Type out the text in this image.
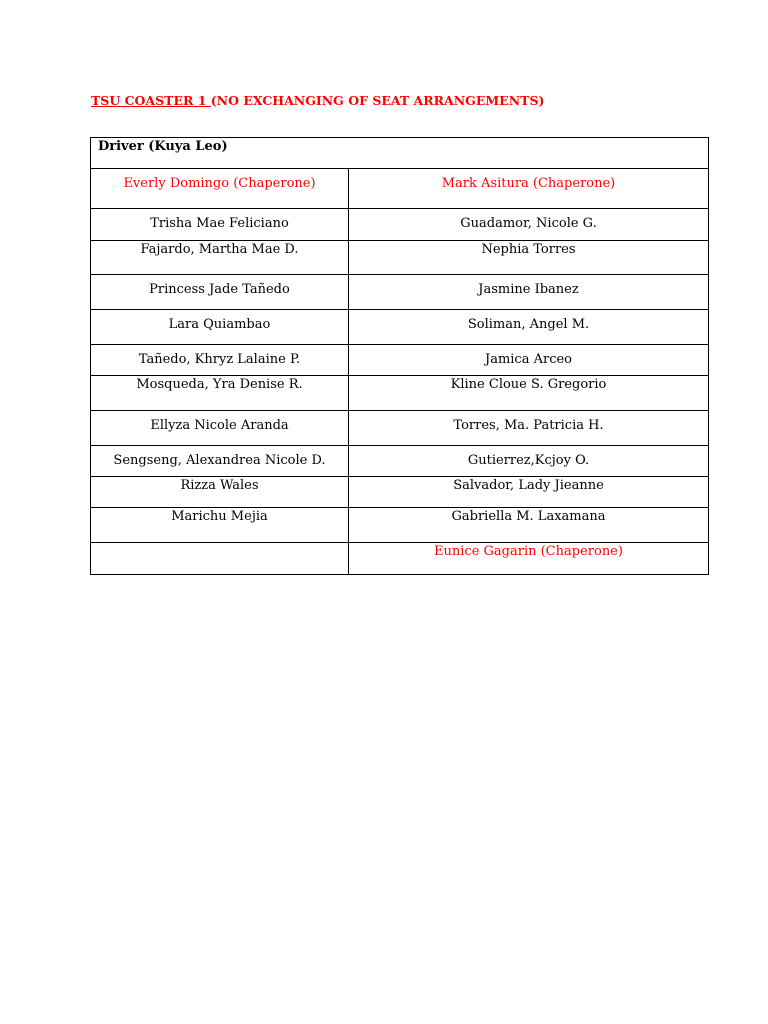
TSU COASTER 1 (NO EXCHANGING OF SEAT ARRANGEMENTS)
Driver (Kuya Leo)	

Everly Domingo (Chaperone)	Mark Asitura (Chaperone)

Trisha Mae Feliciano	Guadamor, Nicole G.

Fajardo, Martha Mae D.	Nephia Torres

Princess Jade Tañedo	Jasmine Ibanez

Lara Quiambao	Soliman, Angel M.

Tañedo, Khryz Lalaine P.	Jamica Arceo

Mosqueda, Yra Denise R.	Kline Cloue S. Gregorio

Ellyza Nicole Aranda	Torres, Ma. Patricia H.

Sengseng, Alexandrea Nicole D.	Gutierrez,Kcjoy O.

Rizza Wales	Salvador, Lady Jieanne

Marichu Mejia	Gabriella M. Laxamana

	Eunice Gagarin (Chaperone)
